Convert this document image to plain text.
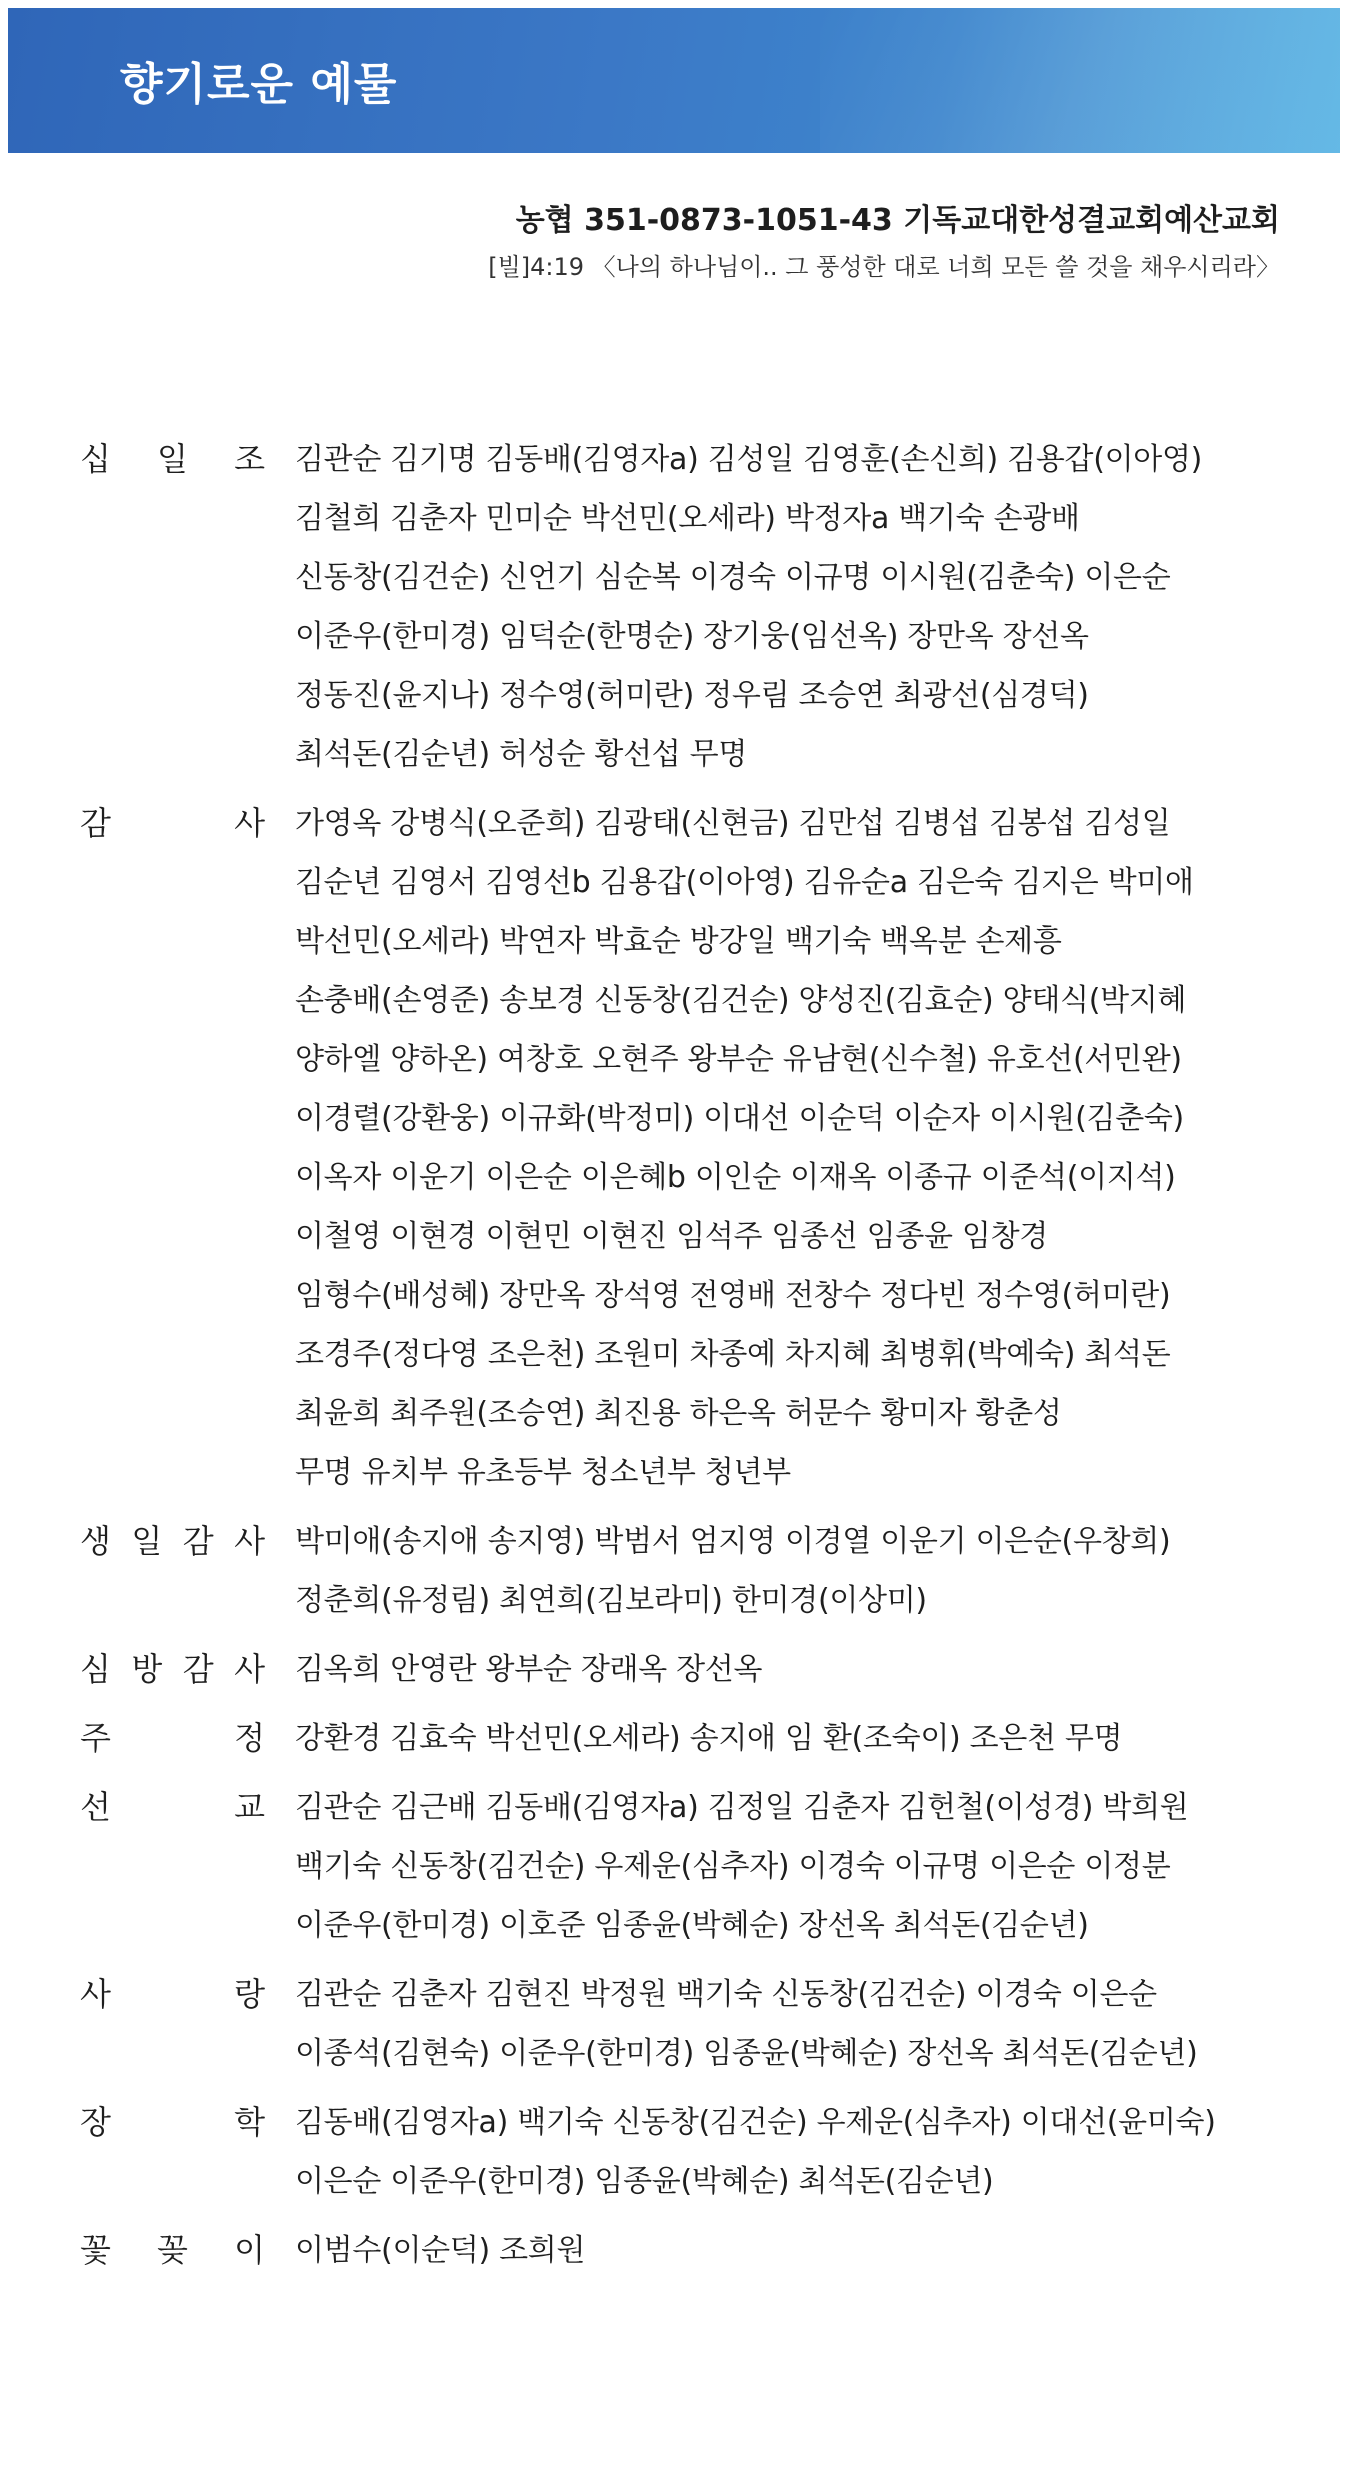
향기로운 예물
농협 351-0873-1051-43 기독교대한성결교회예산교회
[빌]4:19 〈나의 하나님이.. 그 풍성한 대로 너희 모든 쓸 것을 채우시리라〉
십 일 조 김관순 김기명 김동배(김영자a) 김성일 김영훈(손신희) 김용갑(이아영)
김철희 김춘자 민미순 박선민(오세라) 박정자a 백기숙 손광배
신동창(김건순) 신언기 심순복 이경숙 이규명 이시원(김춘숙) 이은순
이준우(한미경) 임덕순(한명순) 장기웅(임선옥) 장만옥 장선옥
정동진(윤지나) 정수영(허미란) 정우림 조승연 최광선(심경덕)
최석돈(김순년) 허성순 황선섭 무명
감	사 가영옥 강병식(오준희) 김광태(신현금) 김만섭 김병섭 김봉섭 김성일
김순년 김영서 김영선b 김용갑(이아영) 김유순a 김은숙 김지은 박미애
박선민(오세라) 박연자 박효순 방강일 백기숙 백옥분 손제흥
손충배(손영준) 송보경 신동창(김건순) 양성진(김효순) 양태식(박지혜
양하엘 양하온) 여창호 오현주 왕부순 유남현(신수철) 유호선(서민완)
이경렬(강환웅) 이규화(박정미) 이대선 이순덕 이순자 이시원(김춘숙)
이옥자 이운기 이은순 이은혜b 이인순 이재옥 이종규 이준석(이지석)
이철영 이현경 이현민 이현진 임석주 임종선 임종윤 임창경
임형수(배성혜) 장만옥 장석영 전영배 전창수 정다빈 정수영(허미란)
조경주(정다영 조은천) 조원미 차종예 차지혜 최병휘(박예숙) 최석돈
최윤희 최주원(조승연) 최진용 하은옥 허문수 황미자 황춘성
무명 유치부 유초등부 청소년부 청년부
생 일 감 사 박미애(송지애 송지영) 박범서 엄지영 이경열 이운기 이은순(우창희)
정춘희(유정림) 최연희(김보라미) 한미경(이상미)
심 방 감 사 김옥희 안영란 왕부순 장래옥 장선옥
주	정 강환경 김효숙 박선민(오세라) 송지애 임 환(조숙이) 조은천 무명
선	교 김관순 김근배 김동배(김영자a) 김정일 김춘자 김헌철(이성경) 박희원
백기숙 신동창(김건순) 우제운(심추자) 이경숙 이규명 이은순 이정분
이준우(한미경) 이호준 임종윤(박혜순) 장선옥 최석돈(김순년)
사	랑 김관순 김춘자 김현진 박정원 백기숙 신동창(김건순) 이경숙 이은순
이종석(김현숙) 이준우(한미경) 임종윤(박혜순) 장선옥 최석돈(김순년)
장	학 김동배(김영자a) 백기숙 신동창(김건순) 우제운(심추자) 이대선(윤미숙)
이은순 이준우(한미경) 임종윤(박혜순) 최석돈(김순년)
꽃 꽂 이 이범수(이순덕) 조희원
